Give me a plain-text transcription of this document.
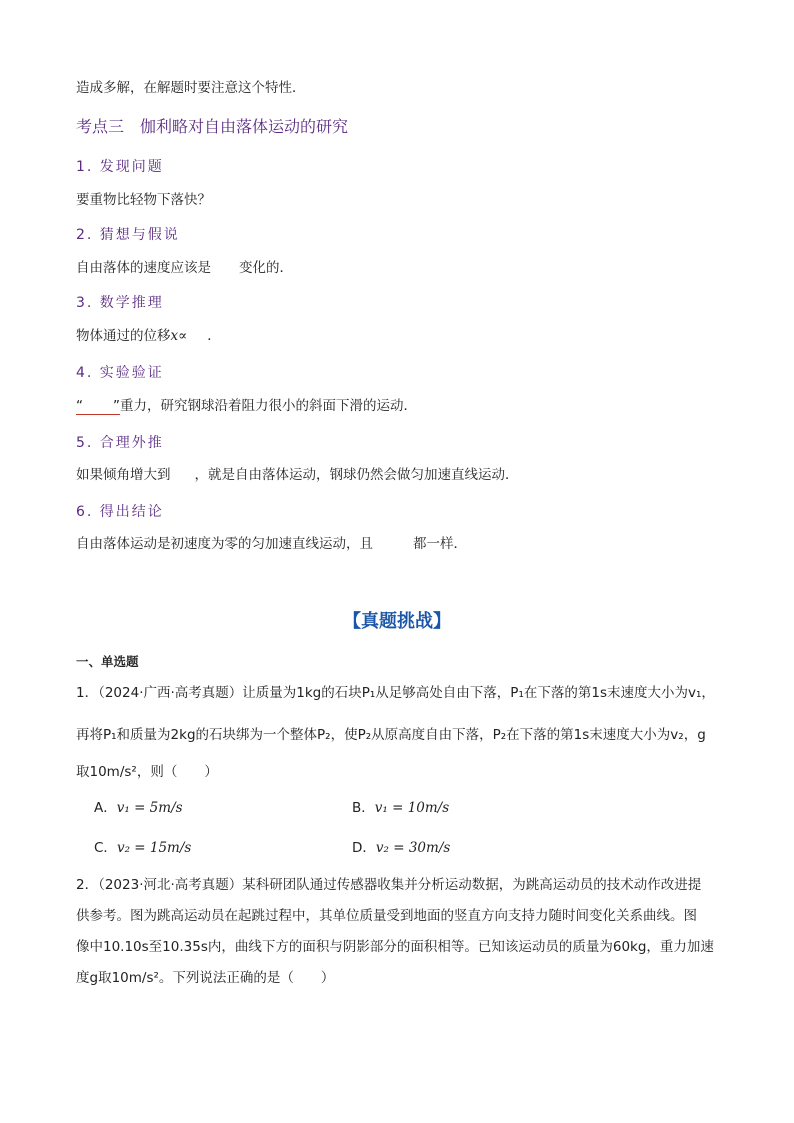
造成多解，在解题时要注意这个特性．
考点三　伽利略对自由落体运动的研究
1. 发现问题
要重物比轻物下落快？
2. 猜想与假说
自由落体的速度应该是 变化的．
3. 数学推理
物体通过的位移x∝ ．
4. 实验验证
“ ”重力，研究钢球沿着阻力很小的斜面下滑的运动．
5. 合理外推
如果倾角增大到 ，就是自由落体运动，钢球仍然会做匀加速直线运动．
6. 得出结论
自由落体运动是初速度为零的匀加速直线运动，且	都一样．
【真题挑战】
一、单选题
1．（2024·广西·高考真题）让质量为1kg的石块P₁从足够高处自由下落，P₁在下落的第1s末速度大小为v₁，
再将P₁和质量为2kg的石块绑为一个整体P₂，使P₂从原高度自由下落，P₂在下落的第1s末速度大小为v₂，g
取10m/s²，则（　　）
A．v₁ = 5m/s	B．v₁ = 10m/s
C．v₂ = 15m/s	D．v₂ = 30m/s
2．（2023·河北·高考真题）某科研团队通过传感器收集并分析运动数据，为跳高运动员的技术动作改进提
供参考。图为跳高运动员在起跳过程中，其单位质量受到地面的竖直方向支持力随时间变化关系曲线。图
像中10.10s至10.35s内，曲线下方的面积与阴影部分的面积相等。已知该运动员的质量为60kg，重力加速
度g取10m/s²。下列说法正确的是（　　）
